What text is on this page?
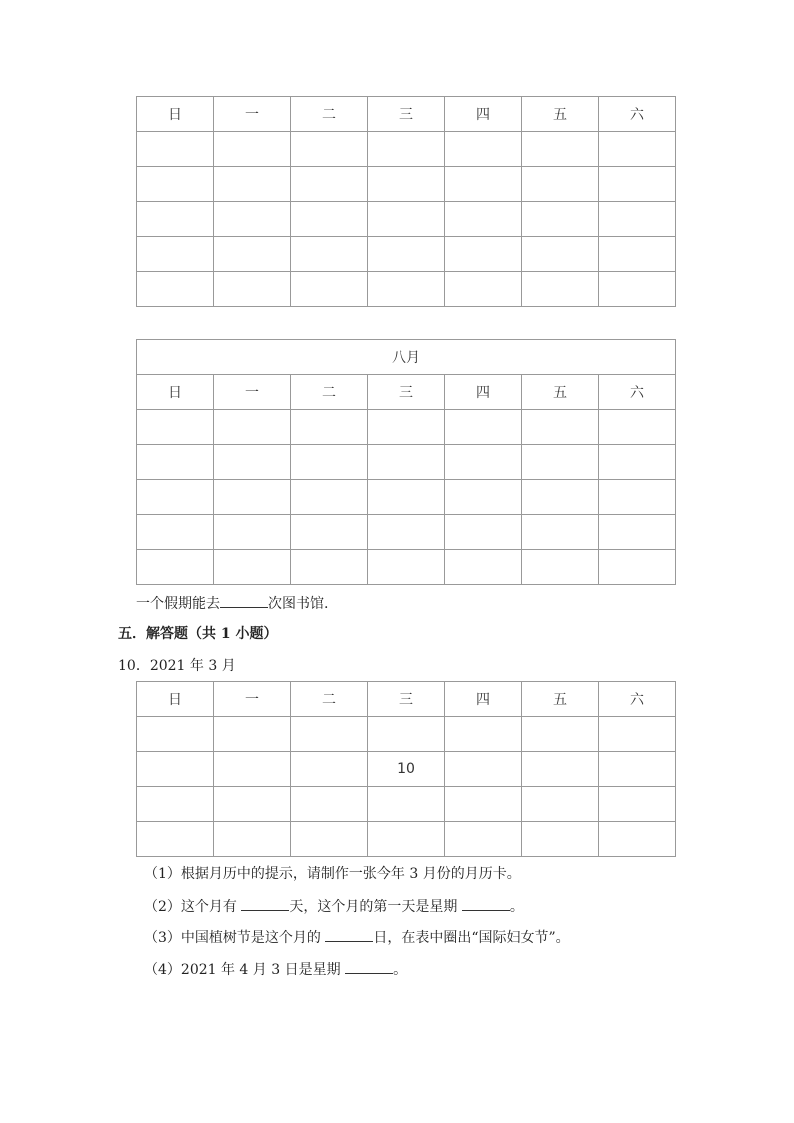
日	一	二	三	四	五	六

八月						
日	一	二	三	四	五	六

一个假期能去	次图书馆.
五．解答题（共 1 小题）
10．2021 年 3 月
日	一	二	三	四	五	六

			10			

（1）根据月历中的提示，请制作一张今年 3 月份的月历卡。
（2）这个月有	天，这个月的第一天是星期	。
（3）中国植树节是这个月的	日，在表中圈出“国际妇女节”。
（4）2021 年 4 月 3 日是星期	。
